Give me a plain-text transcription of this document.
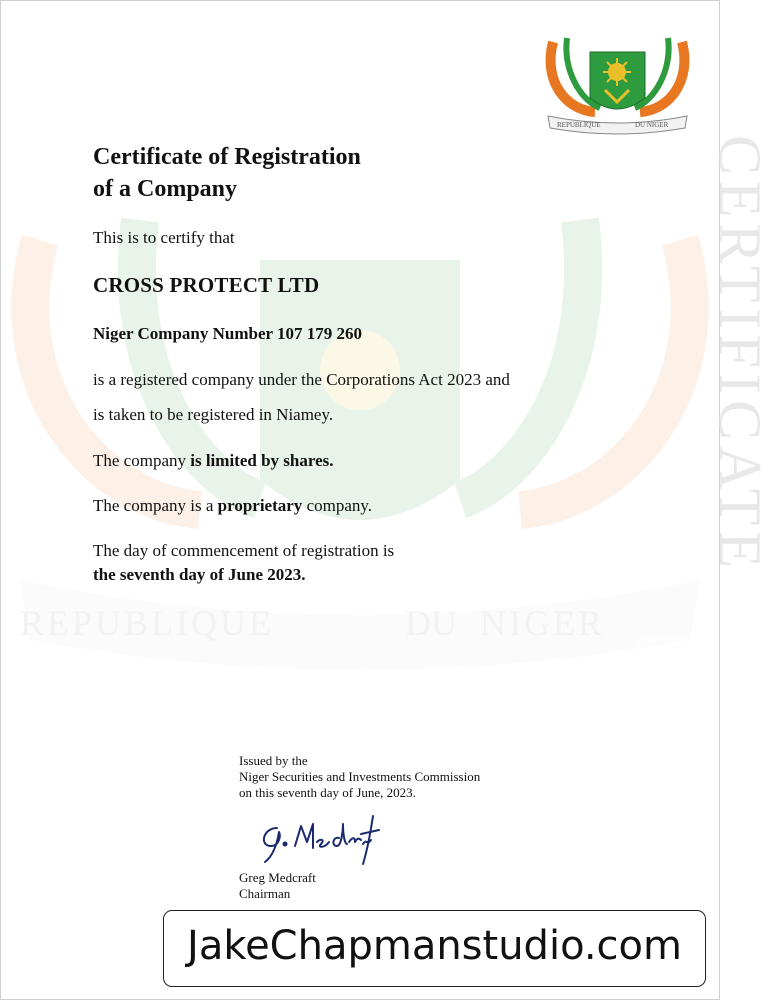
REPUBLIQUE	DU NIGER
CERTIFICATE
REPUBLIQUE	DU NIGER
Certificate of Registration
of a Company

This is to certify that

CROSS PROTECT LTD

Niger Company Number 107 179 260

is a registered company under the Corporations Act 2023 and

is taken to be registered in Niamey.

The company is limited by shares.

The company is a proprietary company.

The day of commencement of registration is

the seventh day of June 2023.

Issued by the
Niger Securities and Investments Commission
on this seventh day of June, 2023.
Greg Medcraft
Chairman
JakeChapmanstudio.com
